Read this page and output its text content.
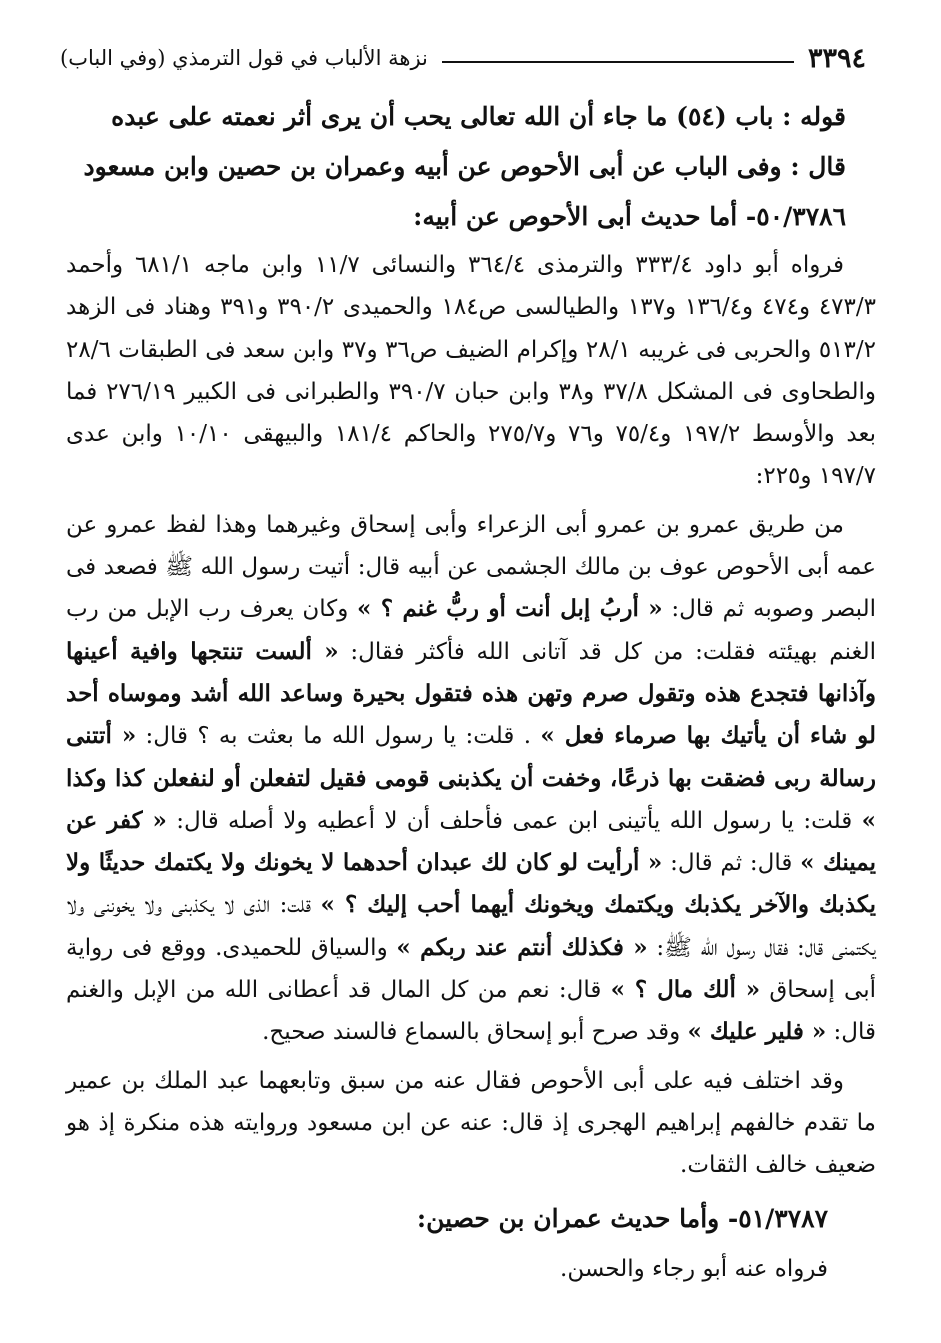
٣٣٩٤
نزهة الألباب في قول الترمذي (وفي الباب)
قوله : باب (٥٤) ما جاء أن الله تعالى يحب أن يرى أثر نعمته على عبده
قال : وفى الباب عن أبى الأحوص عن أبيه وعمران بن حصين وابن مسعود
٥٠/٣٧٨٦- أما حديث أبى الأحوص عن أبيه:

فرواه أبو داود ٣٣٣/٤ والترمذى ٣٦٤/٤ والنسائى ١١/٧ وابن ماجه ٦٨١/١ وأحمد ٤٧٣/٣ و٤٧٤ و١٣٦/٤ و١٣٧ والطيالسى ص١٨٤ والحميدى ٣٩٠/٢ و٣٩١ وهناد فى الزهد ٥١٣/٢ والحربى فى غريبه ٢٨/١ وإكرام الضيف ص٣٦ و٣٧ وابن سعد فى الطبقات ٢٨/٦ والطحاوى فى المشكل ٣٧/٨ و٣٨ وابن حبان ٣٩٠/٧ والطبرانى فى الكبير ٢٧٦/١٩ فما بعد والأوسط ١٩٧/٢ و٧٥/٤ و٧٦ و٢٧٥/٧ والحاكم ١٨١/٤ والبيهقى ١٠/١٠ وابن عدى ١٩٧/٧ و٢٢٥:

من طريق عمرو بن عمرو أبى الزعراء وأبى إسحاق وغيرهما وهذا لفظ عمرو عن عمه أبى الأحوص عوف بن مالك الجشمى عن أبيه قال: أتيت رسول الله ﷺ فصعد فى البصر وصوبه ثم قال: « أربُ إبل أنت أو ربُّ غنم ؟ » وكان يعرف رب الإبل من رب الغنم بهيئته فقلت: من كل قد آتانى الله فأكثر فقال: « ألست تنتجها وافية أعينها وآذانها فتجدع هذه وتقول صرم وتهن هذه فتقول بحيرة وساعد الله أشد وموساه أحد لو شاء أن يأتيك بها صرماء فعل » . قلت: يا رسول الله ما بعثت به ؟ قال: « أتتنى رسالة ربى فضقت بها ذرعًا، وخفت أن يكذبنى قومى فقيل لتفعلن أو لنفعلن كذا وكذا » قلت: يا رسول الله يأتينى ابن عمى فأحلف أن لا أعطيه ولا أصله قال: « كفر عن يمينك » قال: ثم قال: « أرأيت لو كان لك عبدان أحدهما لا يخونك ولا يكتمك حديثًا ولا يكذبك والآخر يكذبك ويكتمك ويخونك أيهما أحب إليك ؟ » قلت: الذى لا يكذبنى ولا يخوننى ولا يكتمنى قال: فقال رسول الله ﷺ: « فكذلك أنتم عند ربكم » والسياق للحميدى. ووقع فى رواية أبى إسحاق « ألك مال ؟ » قال: نعم من كل المال قد أعطانى الله من الإبل والغنم قال: « فلير عليك » وقد صرح أبو إسحاق بالسماع فالسند صحيح.

وقد اختلف فيه على أبى الأحوص فقال عنه من سبق وتابعهما عبد الملك بن عمير ما تقدم خالفهم إبراهيم الهجرى إذ قال: عنه عن ابن مسعود وروايته هذه منكرة إذ هو ضعيف خالف الثقات.

٥١/٣٧٨٧- وأما حديث عمران بن حصين:
فرواه عنه أبو رجاء والحسن.
